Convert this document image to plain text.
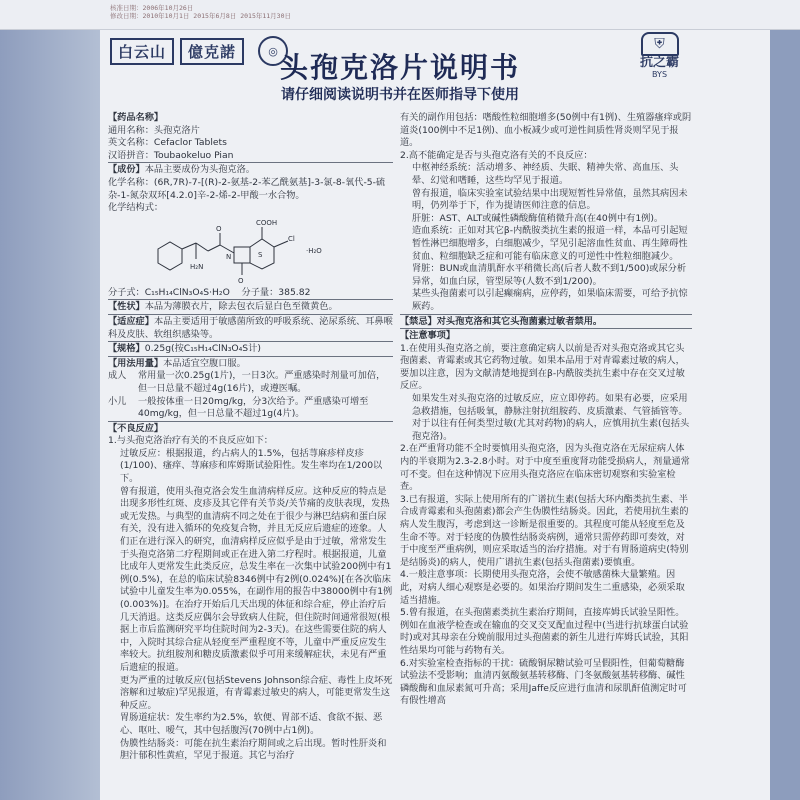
核准日期：2006年10月26日
修改日期：2010年10月1日 2015年6月8日 2015年11月30日
白云山	億克諾	◎	⛨
抗之霸
BYS
头孢克洛片说明书
请仔细阅读说明书并在医师指导下使用

【药品名称】

通用名称：头孢克洛片

英文名称：Cefaclor Tablets

汉语拼音：Toubaokeluo Pian

【成份】本品主要成份为头孢克洛。

化学名称：(6R,7R)-7-[(R)-2-氨基-2-苯乙酰氨基]-3-氯-8-氧代-5-硫杂-1-氮杂双环[4.2.0]辛-2-烯-2-甲酸一水合物。

化学结构式：

H₂N
O
N
COOH
Cl
O
S	·H₂O

分子式：C₁₅H₁₄ClN₃O₄S·H₂O 分子量：385.82

【性状】本品为薄膜衣片，除去包衣后显白色至微黄色。

【适应症】本品主要适用于敏感菌所致的呼吸系统、泌尿系统、耳鼻喉科及皮肤、软组织感染等。

【规格】0.25g(按C₁₅H₁₄ClN₃O₄S计)

【用法用量】本品适宜空腹口服。

成人	常用量一次0.25g(1片)，一日3次。严重感染时剂量可加倍，但一日总量不超过4g(16片)，或遵医嘱。
小儿	一般按体重一日20mg/kg，分3次给予。严重感染可增至40mg/kg，但一日总量不超过1g(4片)。

【不良反应】

1.与头孢克洛治疗有关的不良反应如下：

过敏反应：根据报道，约占病人的1.5%，包括荨麻疹样皮疹(1/100)、瘙痒、荨麻疹和库姆斯试验阳性。发生率均在1/200以下。

曾有报道，使用头孢克洛会发生血清病样反应。这种反应的特点是出现多形性红斑、皮疹及其它伴有关节炎/关节痛的皮肤表现，发热或无发热。与典型的血清病不同之处在于很少与淋巴结病和蛋白尿有关，没有进入循环的免疫复合物，并且无反应后遗症的迹象。人们正在进行深入的研究，血清病样反应似乎是由于过敏，常常发生于头孢克洛第二疗程期间或正在进入第二疗程时。根据报道，儿童比成年人更常发生此类反应，总发生率在一次集中试验200例中有1例(0.5%)，在总的临床试验8346例中有2例(0.024%)[在各次临床试验中儿童发生率为0.055%，在副作用的报告中38000例中有1例(0.003%)]。在治疗开始后几天出现的体征和综合症，停止治疗后几天消退。这类反应偶尔会导致病人住院，但住院时间通常很短(根据上市后监测研究平均住院时间为2-3天)。在这些需要住院的病人中，入院时其综合症从轻度至严重程度不等，儿童中严重反应发生率较大。抗组胺剂和糖皮质激素似乎可用来缓解症状，未见有严重后遗症的报道。

更为严重的过敏反应(包括Stevens Johnson综合症、毒性上皮坏死溶解和过敏症)罕见报道，有青霉素过敏史的病人，可能更常发生这种反应。

胃肠道症状：发生率约为2.5%，软便、胃部不适、食欲不振、恶心、呕吐、嗳气，其中包括腹泻(70例中占1例)。

伪膜性结肠炎：可能在抗生素治疗期间或之后出现。暂时性肝炎和胆汁郁积性黄疸，罕见于报道。其它与治疗

有关的副作用包括：嗜酸性粒细胞增多(50例中有1例)、生殖器瘙痒或阴道炎(100例中不足1例)、血小板减少或可逆性间质性肾炎则罕见于报道。

2.高不能确定是否与头孢克洛有关的不良反应：

中枢神经系统：活动增多、神经质、失眠、精神失常、高血压、头晕、幻觉和嗜睡，这些均罕见于报道。

曾有报道，临床实验室试验结果中出现短暂性异常值，虽然其病因未明，仍列举于下，作为提请医师注意的信息。

肝脏：AST、ALT或碱性磷酸酶值稍微升高(在40例中有1例)。

造血系统：正如对其它β-内酰胺类抗生素的报道一样，本品可引起短暂性淋巴细胞增多，白细胞减少，罕见引起溶血性贫血、再生障碍性贫血、粒细胞缺乏症和可能有临床意义的可逆性中性粒细胞减少。

肾脏：BUN或血清肌酐水平稍微长高(后者人数不到1/500)或尿分析异常，如血白尿，管型尿等(人数不到1/200)。

某些头孢菌素可以引起癫痫病，应停药，如果临床需要，可给予抗惊厥药。

【禁忌】对头孢克洛和其它头孢菌素过敏者禁用。

【注意事项】

1.在使用头孢克洛之前，要注意确定病人以前是否对头孢克洛或其它头孢菌素、青霉素或其它药物过敏。如果本品用于对青霉素过敏的病人，要加以注意，因为文献清楚地提到在β-内酰胺类抗生素中存在交叉过敏反应。

如果发生对头孢克洛的过敏反应，应立即停药。如果有必要，应采用急救措施，包括吸氧，静脉注射抗组胺药、皮质激素、气管插管等。对于以往有任何类型过敏(尤其对药物)的病人，应慎用抗生素(包括头孢克洛)。

2.在严重肾功能不全时要慎用头孢克洛，因为头孢克洛在无尿症病人体内的半衰期为2.3-2.8小时。对于中度至重度肾功能受损病人，剂量通常可不变。但在这种情况下应用头孢克洛应在临床密切观察和实验室检查。

3.已有报道，实际上使用所有的广谱抗生素(包括大环内酯类抗生素、半合成青霉素和头孢菌素)都会产生伪膜性结肠炎。因此，若使用抗生素的病人发生腹泻，考虑到这一诊断是很重要的。其程度可能从轻度至危及生命不等。对于轻度的伪膜性结肠炎病例，通常只需停药即可奏效，对于中度至严重病例，则应采取适当的治疗措施。对于有胃肠道病史(特别是结肠炎)的病人，使用广谱抗生素(包括头孢菌素)要慎重。

4.一般注意事项：长期使用头孢克洛，会使不敏感菌株大量繁殖。因此，对病人细心观察是必要的。如果治疗期间发生二重感染，必须采取适当措施。

5.曾有报道，在头孢菌素类抗生素治疗期间，直接库姆氏试验呈阳性。例如在血液学检查或在输血的交叉交叉配血过程中(当进行抗球蛋白试验时)或对其母亲在分娩前服用过头孢菌素的新生儿进行库姆氏试验，其阳性结果均可能与药物有关。

6.对实验室检查指标的干扰：硫酸铜尿糖试验可呈假阳性，但葡萄糖酶试验法不受影响；血清丙氨酸氨基转移酶、门冬氨酸氨基转移酶、碱性磷酸酶和血尿素氮可升高；采用Jaffe反应进行血清和尿肌酐值测定时可有假性增高
